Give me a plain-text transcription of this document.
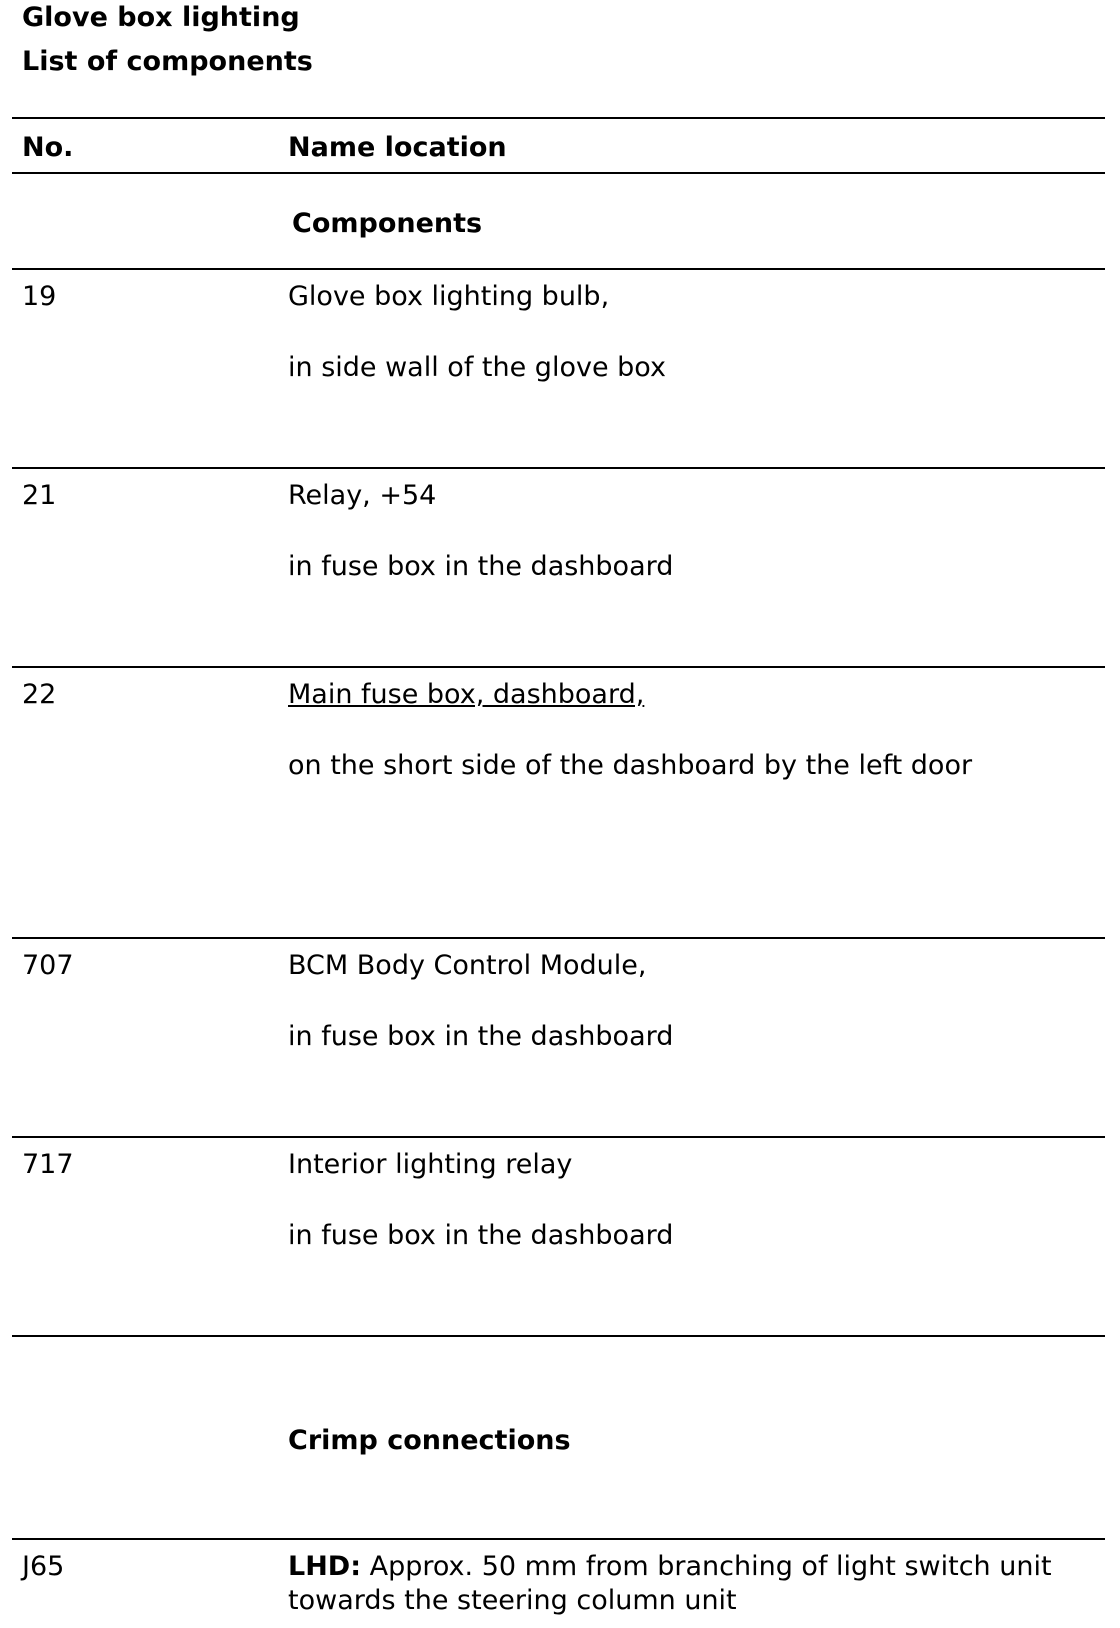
Glove box lighting
List of components
No.	Name location
Components
19	Glove box lighting bulb,
in side wall of the glove box
21	Relay, +54
in fuse box in the dashboard
22	Main fuse box, dashboard,
on the short side of the dashboard by the left door
707	BCM Body Control Module,
in fuse box in the dashboard
717	Interior lighting relay
in fuse box in the dashboard
Crimp connections
J65	LHD: Approx. 50 mm from branching of light switch unit
towards the steering column unit
